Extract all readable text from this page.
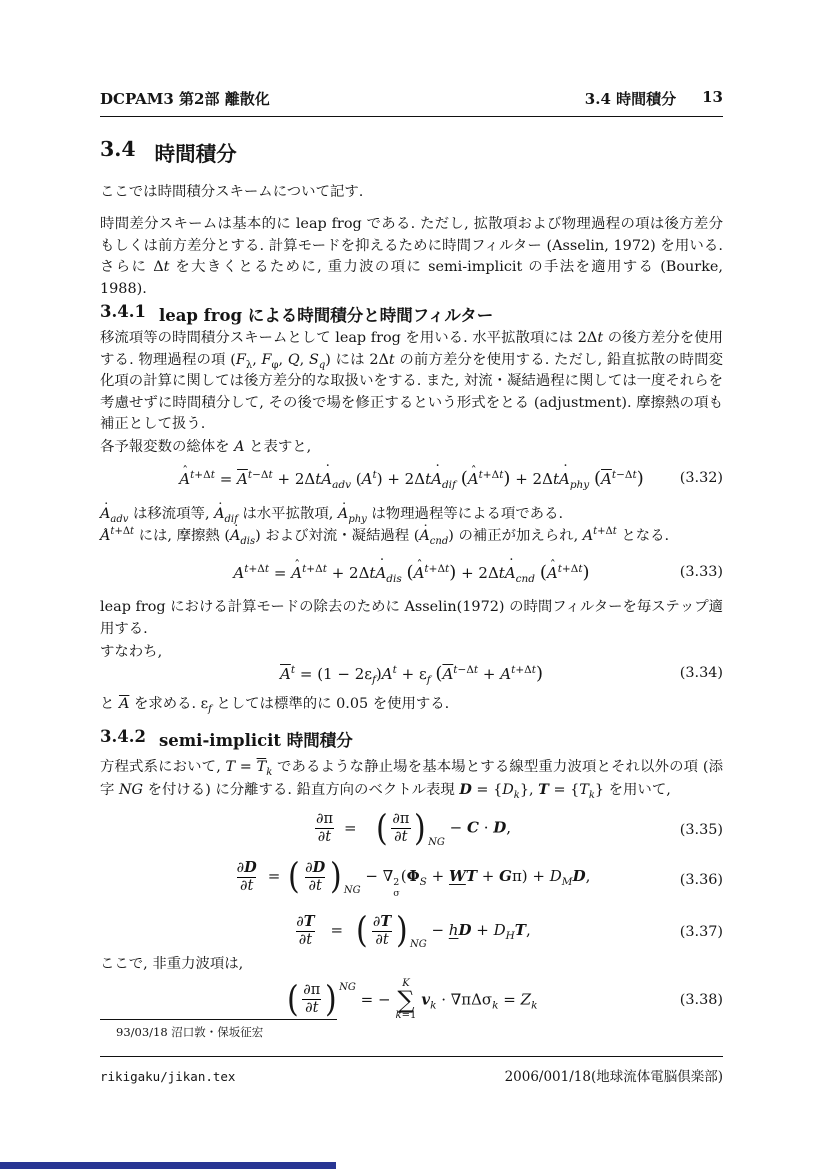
DCPAM3 第2部 離散化	3.4 時間積分 13
3.4 時間積分
ここでは時間積分スキームについて記す.
時間差分スキームは基本的に leap frog である. ただし, 拡散項および物理過程の項は後方差分もしくは前方差分とする. 計算モードを抑えるために時間フィルター (Asselin, 1972) を用いる. さらに Δt を大きくとるために, 重力波の項に semi-implicit の手法を適用する (Bourke, 1988).
3.4.1 leap frog による時間積分と時間フィルター
移流項等の時間積分スキームとして leap frog を用いる. 水平拡散項には 2Δt の後方差分を使用する. 物理過程の項 ($F_\lambda$, $F_\varphi$, Q, $S_q$) には 2Δt の前方差分を使用する. ただし, 鉛直拡散の時間変化項の計算に関しては後方差分的な取扱いをする. また, 対流・凝結過程に関しては一度それらを考慮せずに時間積分して, その後で場を修正するという形式をとる (adjustment). 摩擦熱の項も補正として扱う.
各予報変数の総体を A と表すと,
A ˆ$^{t+\Delta t}$ = $\overline{A}^{t-\Delta t} + 2\Delta tA$ $˙_{adv}$ $(A^t) + 2\Delta tA$ $˙_{dif}$ (A ˆ$^{t+\Delta t}$) + 2ΔtA $˙_{phy}$ $(\overline{A}^{t-\Delta t})$ (3.32)
A $˙_{adv}$ は移流項等, A $˙_{dif}$ は水平拡散項, A $˙_{phy}$ は物理過程等による項である.
A ˆ$^{t+\Delta t}$ には, 摩擦熱 (A $˙_{dis}$) および対流・凝結過程 (A $˙_{cnd}$) の補正が加えられ, $A^{t+\Delta t}$ となる.
$A^{t+\Delta t} = A$ ˆ$^{t+\Delta t}$ + 2ΔtA $˙_{dis}$ (A ˆ$^{t+\Delta t}$) + 2ΔtA $˙_{cnd}$ (A ˆ$^{t+\Delta t}$)	(3.33)
leap frog における計算モードの除去のために Asselin(1972) の時間フィルターを毎ステップ適用する.
すなわち,
$\overline{A}^t = (1 - 2\varepsilon_f)A^t + \varepsilon_f$ $(\overline{A}^{t-\Delta t} + A^{t+\Delta t})$	(3.34)
と $\overline{A}$ を求める. $\varepsilon_f$ としては標準的に 0.05 を使用する.
3.4.2 semi-implicit 時間積分
方程式系において, $T = \overline{T}_k$ であるような静止場を基本場とする線型重力波項とそれ以外の項 (添字 NG を付ける) に分離する. 鉛直方向のベクトル表現 $D = \{D_k\}$, $T = \{T_k\}$ を用いて,
$\frac{\partial\pi}{\partial t}$ = ( $\frac{\partial\pi}{\partial t}$ ) $_{NG}$ − C · D,	(3.35)
$\frac{\partial D}{\partial t}$ = ( $\frac{\partial D}{\partial t}$ ) $_{NG}$ − ∇ 2
σ
($\Phi_S$ + WT + $G\pi) + D_MD$,	(3.36)
$\frac{\partial T}{\partial t}$ = ( $\frac{\partial T}{\partial t}$ ) $_{NG}$ − hD + $D_HT$,	(3.37)
ここで, 非重力波項は,
( $\frac{\partial\pi}{\partial t}$ ) $^{NG}$ = −
K
∑
k=1
$v_k \cdot \nabla\pi\Delta\sigma_k = Z_k$	(3.38)
93/03/18 沼口敦・保坂征宏
rikigaku/jikan.tex	2006/001/18(地球流体電脳倶楽部)
